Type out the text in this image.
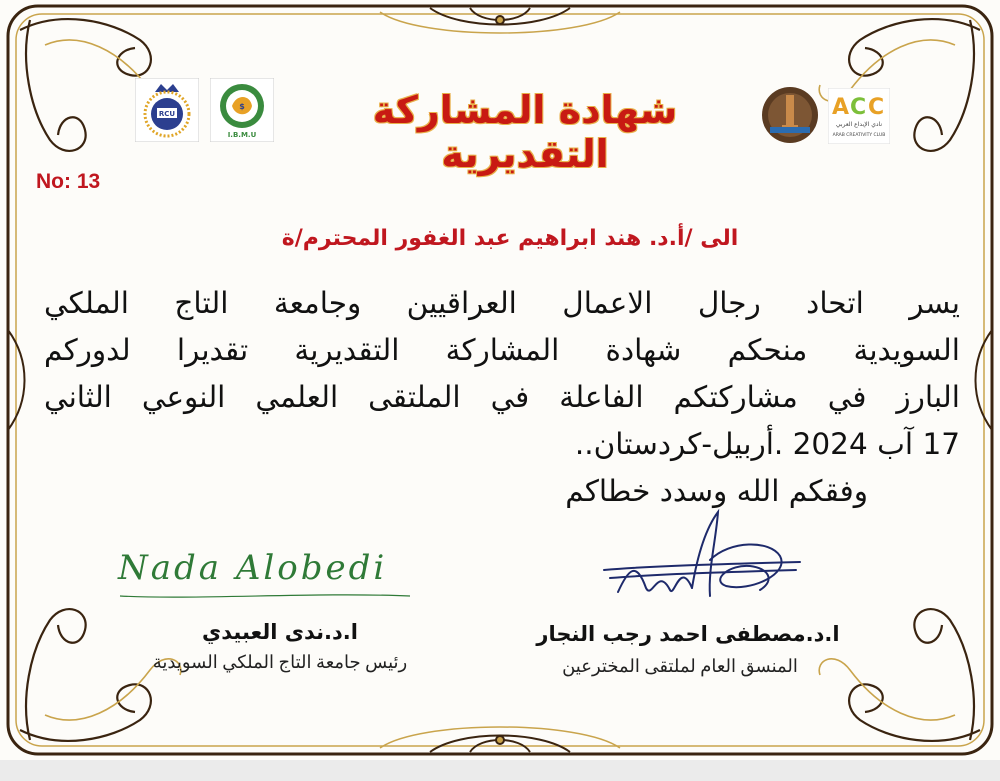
RCU
$
I.B.M.U
A C C
نادي الإبداع العربي
ARAB CREATIVITY CLUB
شهادة المشاركة التقديرية
No: 13
الى /أ.د. هند ابراهيم عبد الغفور المحترم/ة
يسر اتحاد رجال الاعمال العراقيين وجامعة التاج الملكي
السويدية منحكم شهادة المشاركة التقديرية تقديرا لدوركم
البارز في مشاركتكم الفاعلة في الملتقى العلمي النوعي الثاني
17 آب 2024 .أربيل-كردستان..
وفقكم الله وسدد خطاكم
Nada Alobedi
ا.د.ندى العبيدي
رئيس جامعة التاج الملكي السويدية
ا.د.مصطفى احمد رجب النجار
المنسق العام لملتقى المخترعين
